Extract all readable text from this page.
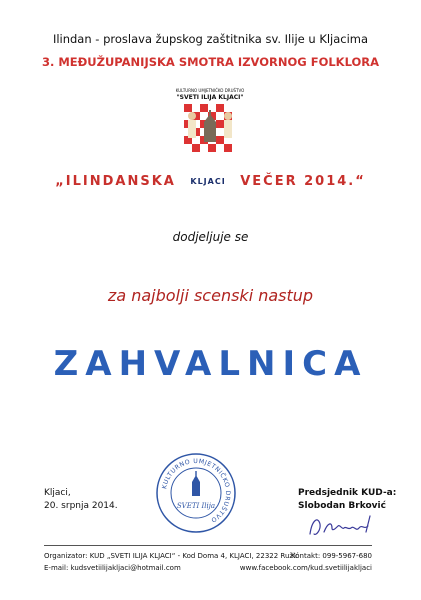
Ilindan - proslava župskog zaštitnika sv. Ilije u Kljacima
3. MEĐUŽUPANIJSKA SMOTRA IZVORNOG FOLKLORA
KULTURNO UMJETNIČKO DRUŠTVO
"SVETI ILIJA KLJACI"
„ILINDANSKA KLJACI VEČER 2014.“
dodjeljuje se
za najbolji scenski nastup
ZAHVALNICA
Kljaci,
20. srpnja 2014.
KULTURNO UMJETNIČKO DRUŠTVO
SVETI Ilija
Predsjednik KUD-a:
Slobodan Brković
Organizator: KUD „SVETI ILIJA KLJACI“ - Kod Doma 4, KLJACI, 22322 Ružić
E-mail: kudsvetiilijakljaci@hotmail.com
Kontakt: 099-5967-680
www.facebook.com/kud.svetiilijakljaci
